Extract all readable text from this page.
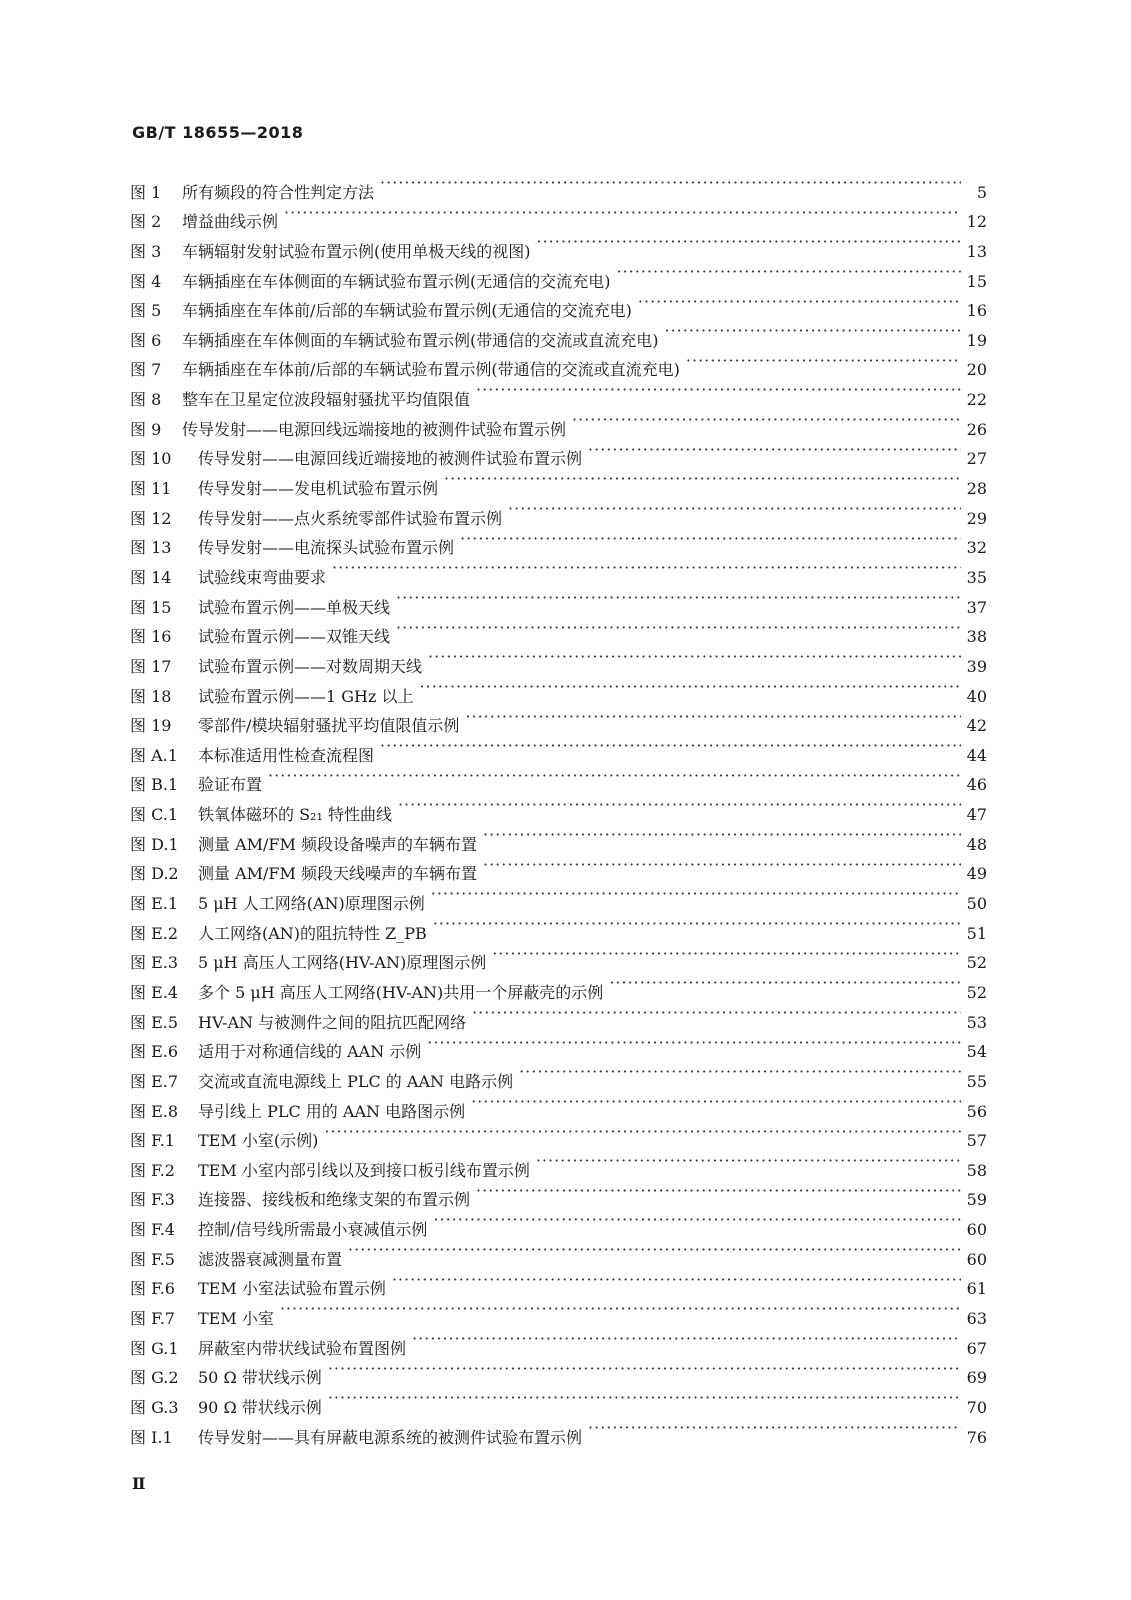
GB/T 18655—2018
图 1	所有频段的符合性判定方法 ·····	5
图 2	增益曲线示例 ·····	12
图 3	车辆辐射发射试验布置示例(使用单极天线的视图) ·····	13
图 4	车辆插座在车体侧面的车辆试验布置示例(无通信的交流充电) ·····	15
图 5	车辆插座在车体前/后部的车辆试验布置示例(无通信的交流充电) ·····	16
图 6	车辆插座在车体侧面的车辆试验布置示例(带通信的交流或直流充电) ·····	19
图 7	车辆插座在车体前/后部的车辆试验布置示例(带通信的交流或直流充电) ·····	20
图 8	整车在卫星定位波段辐射骚扰平均值限值 ·····	22
图 9	传导发射——电源回线远端接地的被测件试验布置示例 ·····	26
图 10	传导发射——电源回线近端接地的被测件试验布置示例 ·····	27
图 11	传导发射——发电机试验布置示例 ·····	28
图 12	传导发射——点火系统零部件试验布置示例 ·····	29
图 13	传导发射——电流探头试验布置示例 ·····	32
图 14	试验线束弯曲要求 ·····	35
图 15	试验布置示例——单极天线 ·····	37
图 16	试验布置示例——双锥天线 ·····	38
图 17	试验布置示例——对数周期天线 ·····	39
图 18	试验布置示例——1 GHz 以上 ·····	40
图 19	零部件/模块辐射骚扰平均值限值示例 ·····	42
图 A.1	本标准适用性检查流程图 ·····	44
图 B.1	验证布置 ·····	46
图 C.1	铁氧体磁环的 S₂₁ 特性曲线 ·····	47
图 D.1	测量 AM/FM 频段设备噪声的车辆布置 ·····	48
图 D.2	测量 AM/FM 频段天线噪声的车辆布置 ·····	49
图 E.1	5 μH 人工网络(AN)原理图示例 ·····	50
图 E.2	人工网络(AN)的阻抗特性 Z_PB ·····	51
图 E.3	5 μH 高压人工网络(HV-AN)原理图示例 ·····	52
图 E.4	多个 5 μH 高压人工网络(HV-AN)共用一个屏蔽壳的示例 ·····	52
图 E.5	HV-AN 与被测件之间的阻抗匹配网络 ·····	53
图 E.6	适用于对称通信线的 AAN 示例 ·····	54
图 E.7	交流或直流电源线上 PLC 的 AAN 电路示例 ·····	55
图 E.8	导引线上 PLC 用的 AAN 电路图示例 ·····	56
图 F.1	TEM 小室(示例) ·····	57
图 F.2	TEM 小室内部引线以及到接口板引线布置示例 ·····	58
图 F.3	连接器、接线板和绝缘支架的布置示例 ·····	59
图 F.4	控制/信号线所需最小衰减值示例 ·····	60
图 F.5	滤波器衰减测量布置 ·····	60
图 F.6	TEM 小室法试验布置示例 ·····	61
图 F.7	TEM 小室 ·····	63
图 G.1	屏蔽室内带状线试验布置图例 ·····	67
图 G.2	50 Ω 带状线示例 ·····	69
图 G.3	90 Ω 带状线示例 ·····	70
图 I.1	传导发射——具有屏蔽电源系统的被测件试验布置示例 ·····	76
Ⅱ
